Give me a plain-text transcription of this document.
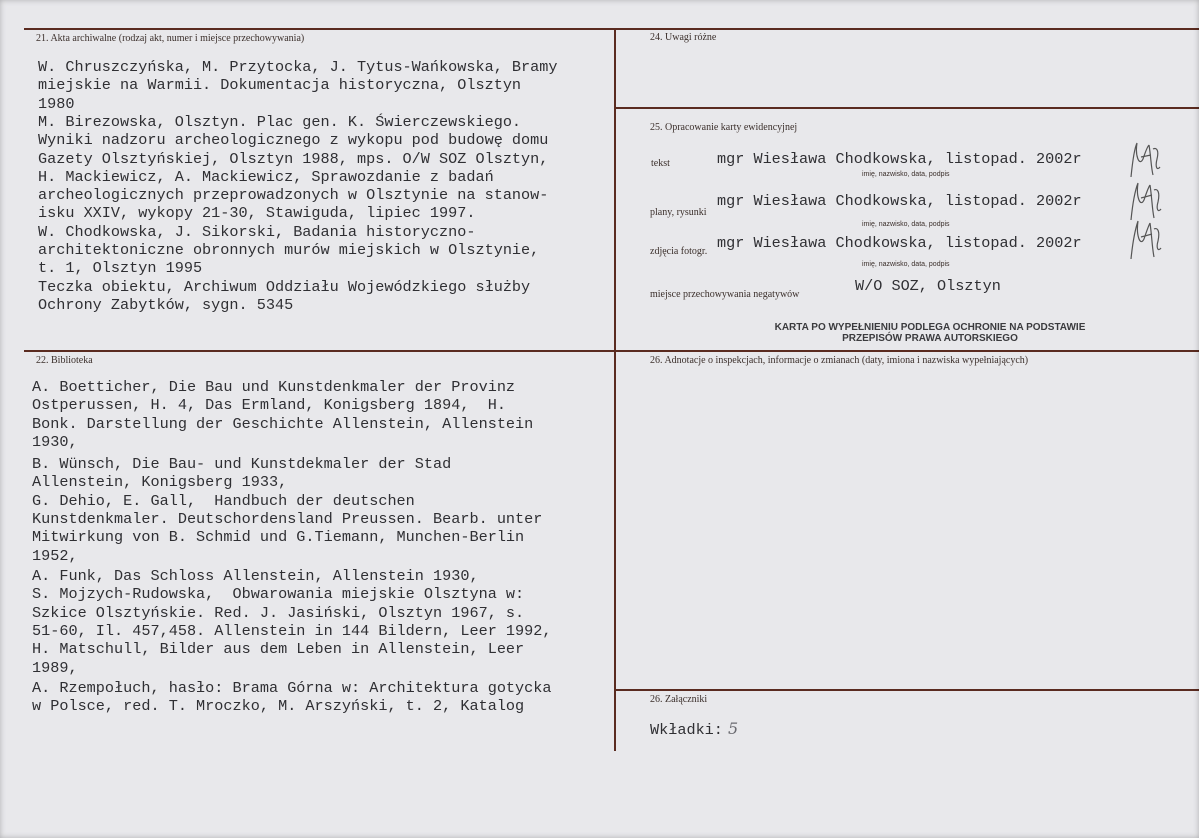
21. Akta archiwalne (rodzaj akt, numer i miejsce przechowywania)
W. Chruszczyńska, M. Przytocka, J. Tytus-Wańkowska, Bramy
miejskie na Warmii. Dokumentacja historyczna, Olsztyn
1980
M. Birezowska, Olsztyn. Plac gen. K. Świerczewskiego.
Wyniki nadzoru archeologicznego z wykopu pod budowę domu
Gazety Olsztyńskiej, Olsztyn 1988, mps. O/W SOZ Olsztyn,
H. Mackiewicz, A. Mackiewicz, Sprawozdanie z badań
archeologicznych przeprowadzonych w Olsztynie na stanow-
isku XXIV, wykopy 21-30, Stawiguda, lipiec 1997.
W. Chodkowska, J. Sikorski, Badania historyczno-
architektoniczne obronnych murów miejskich w Olsztynie,
t. 1, Olsztyn 1995
Teczka obiektu, Archiwum Oddziału Wojewódzkiego służby
Ochrony Zabytków, sygn. 5345
22. Biblioteka
A. Boetticher, Die Bau und Kunstdenkmaler der Provinz
Ostperussen, H. 4, Das Ermland, Konigsberg 1894,  H.
Bonk. Darstellung der Geschichte Allenstein, Allenstein
1930,
B. Wünsch, Die Bau- und Kunstdekmaler der Stad
Allenstein, Konigsberg 1933,
G. Dehio, E. Gall,  Handbuch der deutschen
Kunstdenkmaler. Deutschordensland Preussen. Bearb. unter
Mitwirkung von B. Schmid und G.Tiemann, Munchen-Berlin
1952,
A. Funk, Das Schloss Allenstein, Allenstein 1930,
S. Mojzych-Rudowska,  Obwarowania miejskie Olsztyna w:
Szkice Olsztyńskie. Red. J. Jasiński, Olsztyn 1967, s.
51-60, Il. 457,458. Allenstein in 144 Bildern, Leer 1992,
H. Matschull, Bilder aus dem Leben in Allenstein, Leer
1989,
A. Rzempołuch, hasło: Brama Górna w: Architektura gotycka
w Polsce, red. T. Mroczko, M. Arszyński, t. 2, Katalog
24. Uwagi różne
25. Opracowanie karty ewidencyjnej
tekst	mgr Wiesława Chodkowska, listopad. 2002r
imię, nazwisko, data, podpis
plany, rysunki
mgr Wiesława Chodkowska, listopad. 2002r
imię, nazwisko, data, podpis
zdjęcia fotogr. mgr Wiesława Chodkowska, listopad. 2002r
imię, nazwisko, data, podpis
miejsce przechowywania negatywów	W/O SOZ, Olsztyn
KARTA PO WYPEŁNIENIU PODLEGA OCHRONIE NA PODSTAWIE
PRZEPISÓW PRAWA AUTORSKIEGO
26. Adnotacje o inspekcjach, informacje o zmianach (daty, imiona i nazwiska wypełniających)
26. Załączniki
Wkładki: 5
